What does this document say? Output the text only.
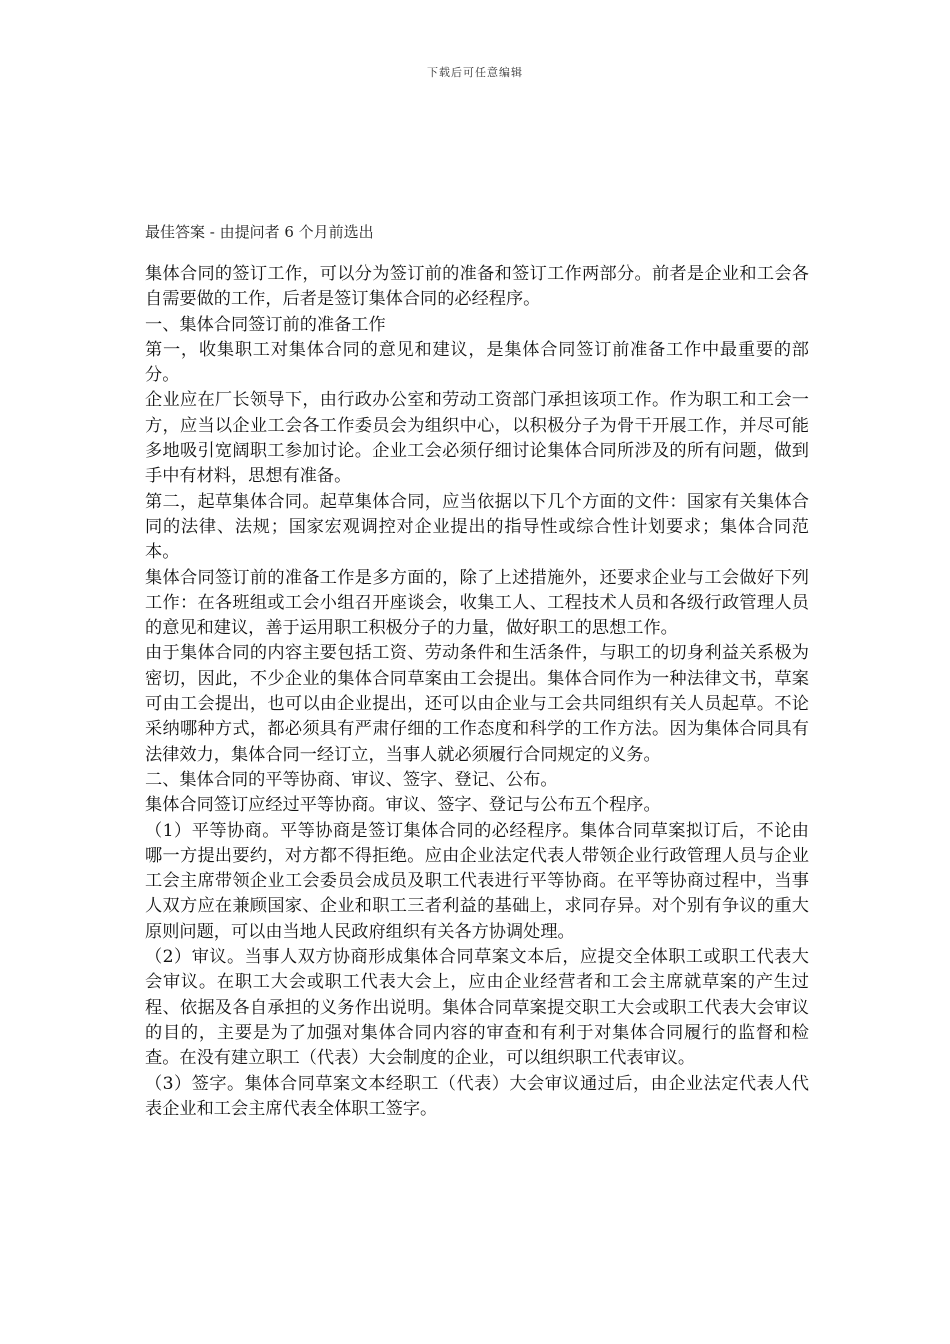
下载后可任意编辑
最佳答案 - 由提问者 6 个月前选出

集体合同的签订工作，可以分为签订前的准备和签订工作两部分。前者是企业和工会各自需要做的工作，后者是签订集体合同的必经程序。

一、集体合同签订前的准备工作

第一，收集职工对集体合同的意见和建议，是集体合同签订前准备工作中最重要的部分。

企业应在厂长领导下，由行政办公室和劳动工资部门承担该项工作。作为职工和工会一方，应当以企业工会各工作委员会为组织中心，以积极分子为骨干开展工作，并尽可能多地吸引宽阔职工参加讨论。企业工会必须仔细讨论集体合同所涉及的所有问题，做到手中有材料，思想有准备。

第二，起草集体合同。起草集体合同，应当依据以下几个方面的文件：国家有关集体合同的法律、法规；国家宏观调控对企业提出的指导性或综合性计划要求；集体合同范本。

集体合同签订前的准备工作是多方面的，除了上述措施外，还要求企业与工会做好下列工作：在各班组或工会小组召开座谈会，收集工人、工程技术人员和各级行政管理人员的意见和建议，善于运用职工积极分子的力量，做好职工的思想工作。

由于集体合同的内容主要包括工资、劳动条件和生活条件，与职工的切身利益关系极为密切，因此，不少企业的集体合同草案由工会提出。集体合同作为一种法律文书，草案可由工会提出，也可以由企业提出，还可以由企业与工会共同组织有关人员起草。不论采纳哪种方式，都必须具有严肃仔细的工作态度和科学的工作方法。因为集体合同具有法律效力，集体合同一经订立，当事人就必须履行合同规定的义务。

二、集体合同的平等协商、审议、签字、登记、公布。

集体合同签订应经过平等协商。审议、签字、登记与公布五个程序。

（1）平等协商。平等协商是签订集体合同的必经程序。集体合同草案拟订后，不论由哪一方提出要约，对方都不得拒绝。应由企业法定代表人带领企业行政管理人员与企业工会主席带领企业工会委员会成员及职工代表进行平等协商。在平等协商过程中，当事人双方应在兼顾国家、企业和职工三者利益的基础上，求同存异。对个别有争议的重大原则问题，可以由当地人民政府组织有关各方协调处理。

（2）审议。当事人双方协商形成集体合同草案文本后，应提交全体职工或职工代表大会审议。在职工大会或职工代表大会上，应由企业经营者和工会主席就草案的产生过程、依据及各自承担的义务作出说明。集体合同草案提交职工大会或职工代表大会审议的目的，主要是为了加强对集体合同内容的审查和有利于对集体合同履行的监督和检查。在没有建立职工（代表）大会制度的企业，可以组织职工代表审议。

（3）签字。集体合同草案文本经职工（代表）大会审议通过后，由企业法定代表人代表企业和工会主席代表全体职工签字。
